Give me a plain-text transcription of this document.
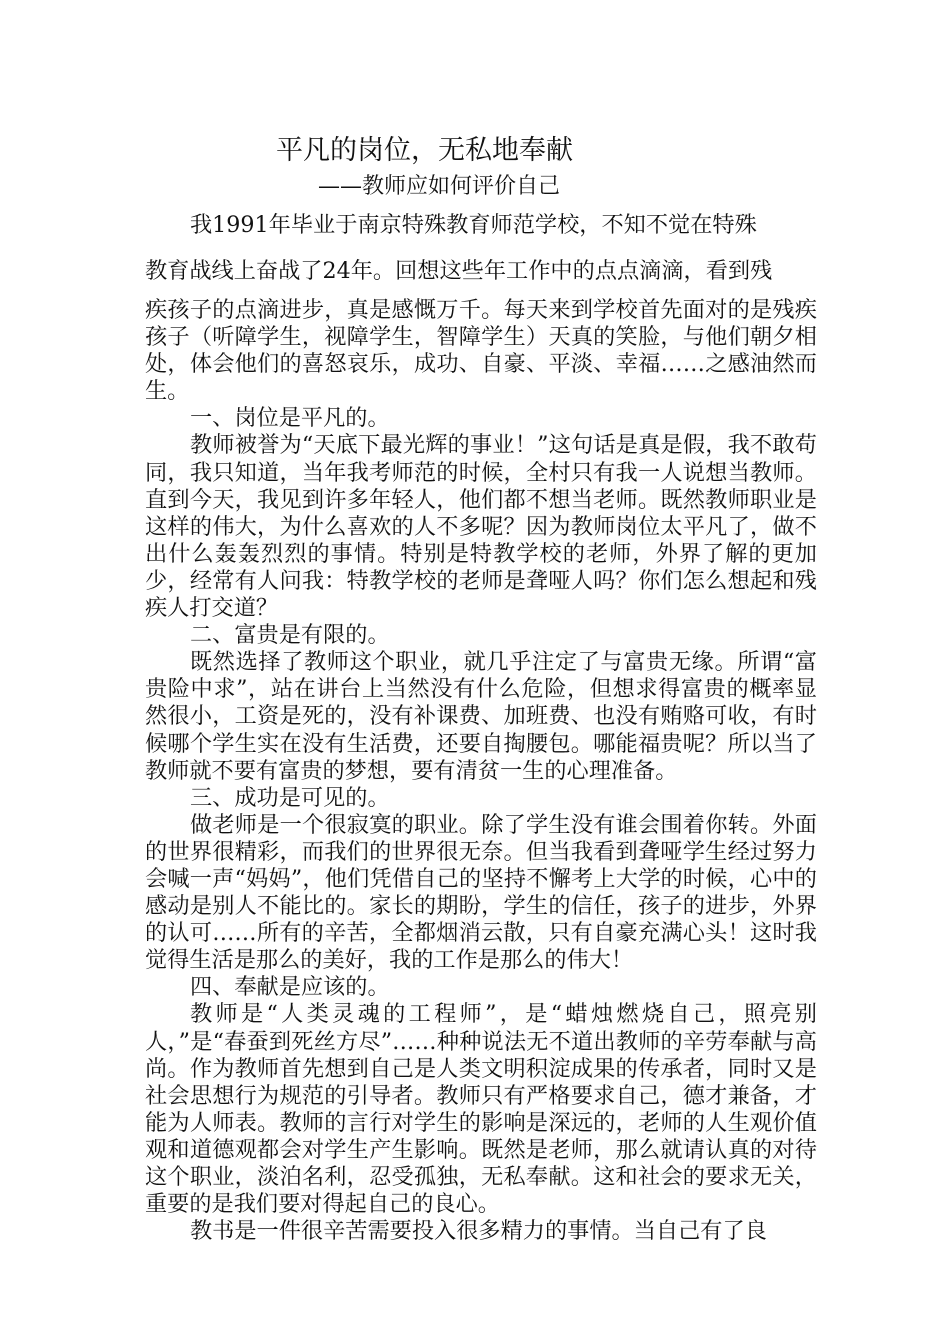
平凡的岗位，无私地奉献
——教师应如何评价自己

我1991年毕业于南京特殊教育师范学校，不知不觉在特殊

教育战线上奋战了24年。回想这些年工作中的点点滴滴，看到残

疾孩子的点滴进步，真是感慨万千。每天来到学校首先面对的是残疾孩子（听障学生，视障学生，智障学生）天真的笑脸，与他们朝夕相处，体会他们的喜怒哀乐，成功、自豪、平淡、幸福……之感油然而生。

一、岗位是平凡的。

教师被誉为“天底下最光辉的事业！”这句话是真是假，我不敢苟同，我只知道，当年我考师范的时候，全村只有我一人说想当教师。直到今天，我见到许多年轻人，他们都不想当老师。既然教师职业是这样的伟大，为什么喜欢的人不多呢？因为教师岗位太平凡了，做不出什么轰轰烈烈的事情。特别是特教学校的老师，外界了解的更加少，经常有人问我：特教学校的老师是聋哑人吗？你们怎么想起和残疾人打交道？

二、富贵是有限的。

既然选择了教师这个职业，就几乎注定了与富贵无缘。所谓“富贵险中求”，站在讲台上当然没有什么危险，但想求得富贵的概率显然很小，工资是死的，没有补课费、加班费、也没有贿赂可收，有时候哪个学生实在没有生活费，还要自掏腰包。哪能福贵呢？所以当了教师就不要有富贵的梦想，要有清贫一生的心理准备。

三、成功是可见的。

做老师是一个很寂寞的职业。除了学生没有谁会围着你转。外面的世界很精彩，而我们的世界很无奈。但当我看到聋哑学生经过努力会喊一声“妈妈”，他们凭借自己的坚持不懈考上大学的时候，心中的感动是别人不能比的。家长的期盼，学生的信任，孩子的进步，外界的认可……所有的辛苦，全都烟消云散，只有自豪充满心头！这时我觉得生活是那么的美好，我的工作是那么的伟大！

四、奉献是应该的。

教师是“人类灵魂的工程师”，是“蜡烛燃烧自己，照亮别人，”是“春蚕到死丝方尽”……种种说法无不道出教师的辛劳奉献与高尚。作为教师首先想到自己是人类文明积淀成果的传承者，同时又是社会思想行为规范的引导者。教师只有严格要求自己，德才兼备，才能为人师表。教师的言行对学生的影响是深远的，老师的人生观价值观和道德观都会对学生产生影响。既然是老师，那么就请认真的对待这个职业，淡泊名利，忍受孤独，无私奉献。这和社会的要求无关，重要的是我们要对得起自己的良心。

教书是一件很辛苦需要投入很多精力的事情。当自己有了良
